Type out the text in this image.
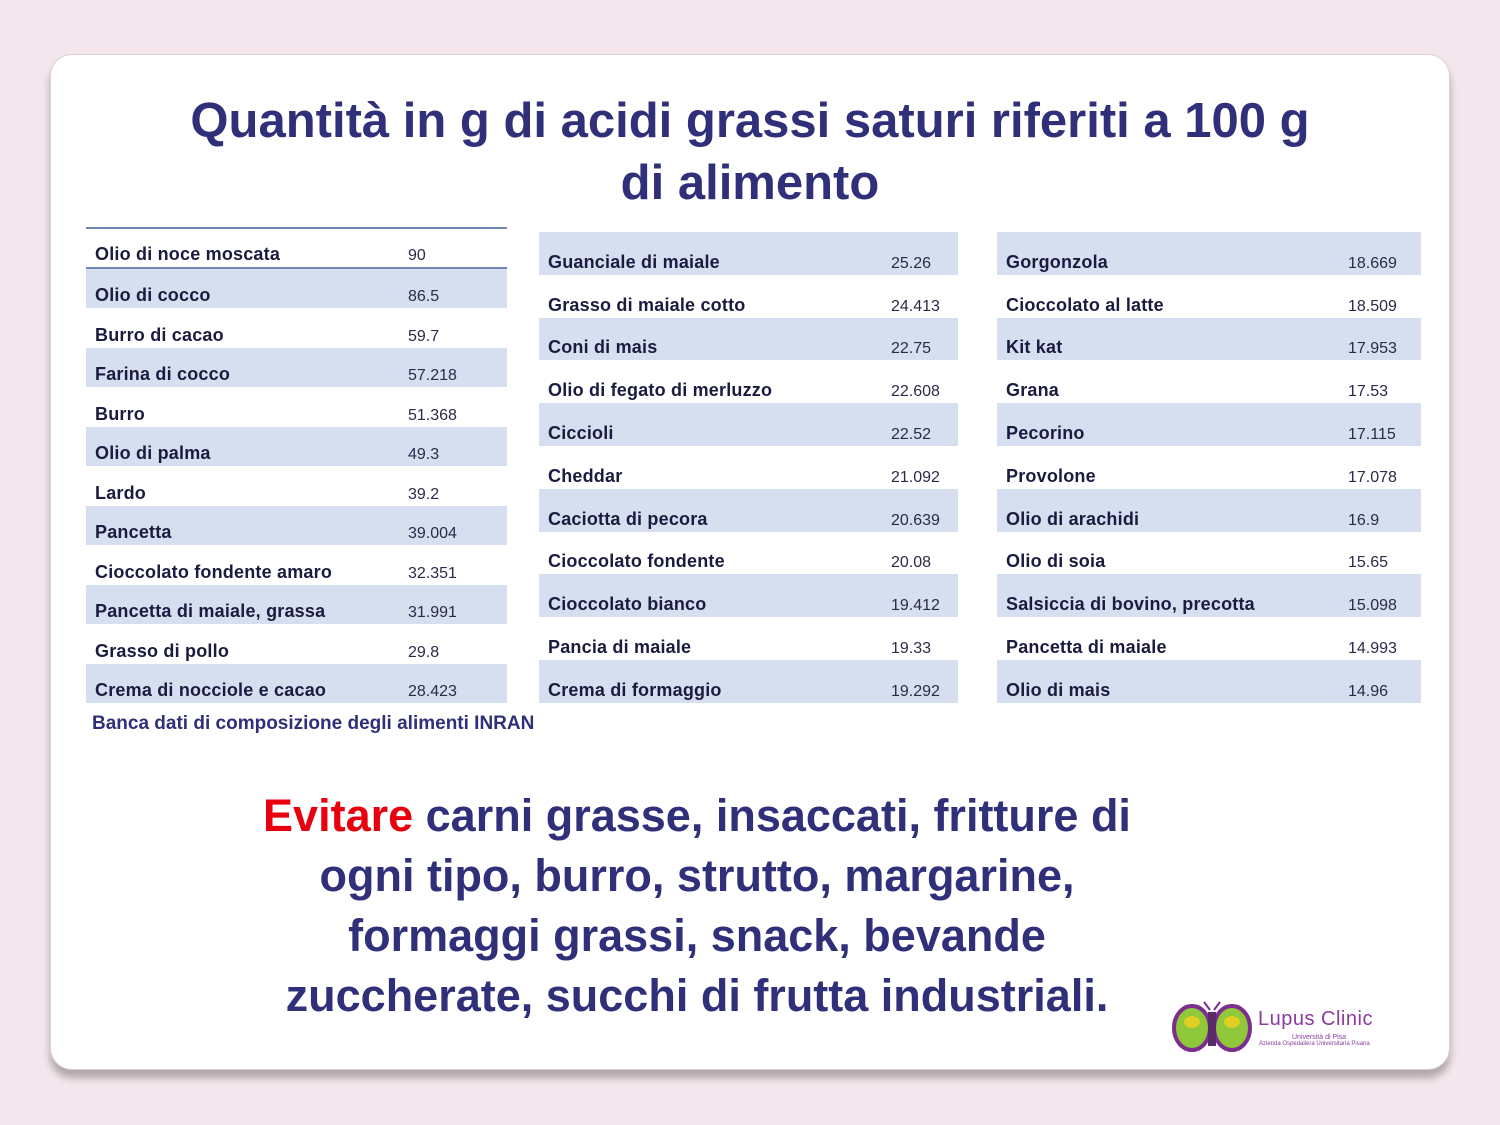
Quantità in g di acidi grassi saturi riferiti a 100 g
di alimento
Olio di noce moscata	90
Olio di cocco	86.5
Burro di cacao	59.7
Farina di cocco	57.218
Burro	51.368
Olio di palma	49.3
Lardo	39.2
Pancetta	39.004
Cioccolato fondente amaro	32.351
Pancetta di maiale, grassa	31.991
Grasso di pollo	29.8
Crema di nocciole e cacao	28.423
Guanciale di maiale	25.26
Grasso di maiale cotto	24.413
Coni di mais	22.75
Olio di fegato di merluzzo	22.608
Ciccioli	22.52
Cheddar	21.092
Caciotta di pecora	20.639
Cioccolato fondente	20.08
Cioccolato bianco	19.412
Pancia di maiale	19.33
Crema di formaggio	19.292
Gorgonzola	18.669
Cioccolato al latte	18.509
Kit kat	17.953
Grana	17.53
Pecorino	17.115
Provolone	17.078
Olio di arachidi	16.9
Olio di soia	15.65
Salsiccia di bovino, precotta	15.098
Pancetta di maiale	14.993
Olio di mais	14.96
Banca dati di composizione degli alimenti INRAN
Evitare carni grasse, insaccati, fritture di
ogni tipo, burro, strutto, margarine,
formaggi grassi, snack, bevande
zuccherate, succhi di frutta industriali.	Lupus Clinic
Università di Pisa
Azienda Ospedaliera Universitaria Pisana
